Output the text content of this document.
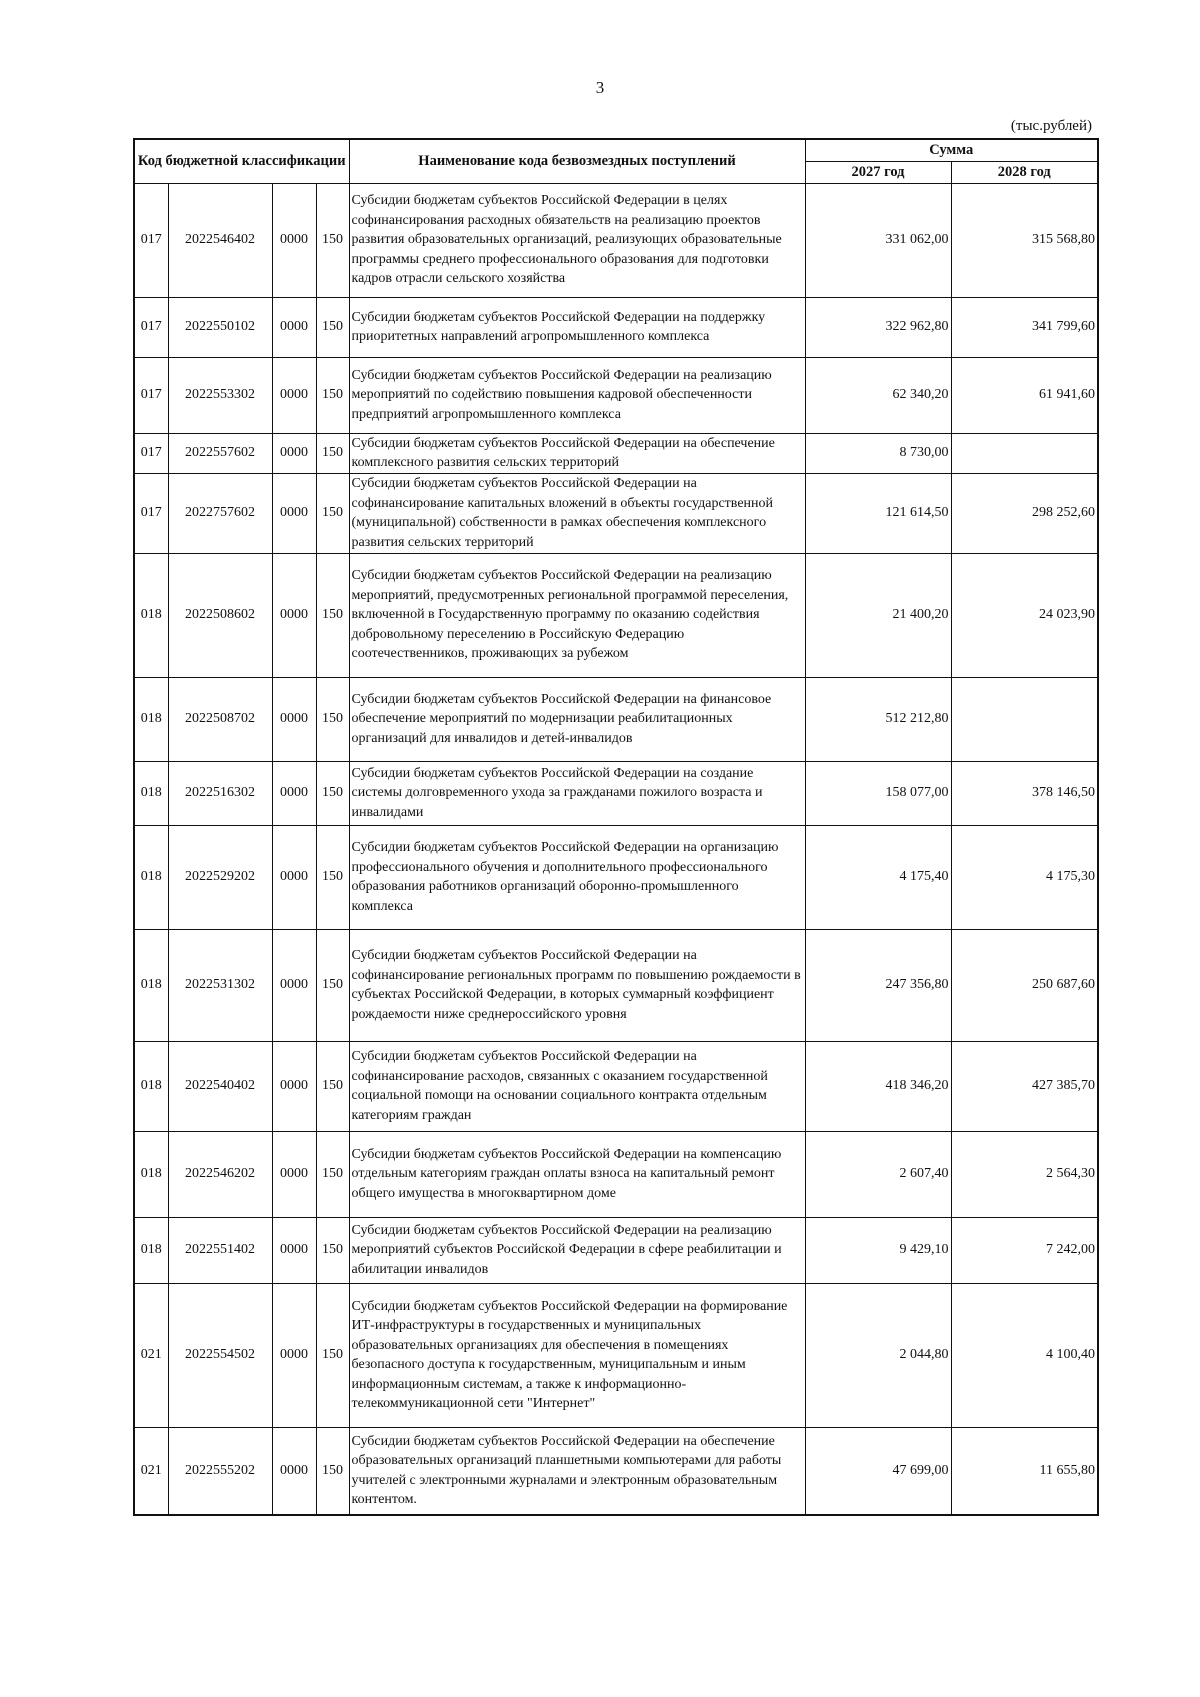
3
(тыс.рублей)
Код бюджетной классификации				Наименование кода безвозмездных поступлений	Сумма	
					2027 год	2028 год
017	2022546402	0000	150	Субсидии бюджетам субъектов Российской Федерации в целях софинансирования расходных обязательств на реализацию проектов развития образовательных организаций, реализующих образовательные программы среднего профессионального образования для подготовки кадров отрасли сельского хозяйства	331 062,00	315 568,80
017	2022550102	0000	150	Субсидии бюджетам субъектов Российской Федерации на поддержку приоритетных направлений агропромышленного комплекса	322 962,80	341 799,60
017	2022553302	0000	150	Субсидии бюджетам субъектов Российской Федерации на реализацию мероприятий по содействию повышения кадровой обеспеченности предприятий агропромышленного комплекса	62 340,20	61 941,60
017	2022557602	0000	150	Субсидии бюджетам субъектов Российской Федерации на обеспечение комплексного развития сельских территорий	8 730,00	
017	2022757602	0000	150	Субсидии бюджетам субъектов Российской Федерации на софинансирование капитальных вложений в объекты государственной (муниципальной) собственности в рамках обеспечения комплексного развития сельских территорий	121 614,50	298 252,60
018	2022508602	0000	150	Субсидии бюджетам субъектов Российской Федерации на реализацию мероприятий, предусмотренных региональной программой переселения, включенной в Государственную программу по оказанию содействия добровольному переселению в Российскую Федерацию соотечественников, проживающих за рубежом	21 400,20	24 023,90
018	2022508702	0000	150	Субсидии бюджетам субъектов Российской Федерации на финансовое обеспечение мероприятий по модернизации реабилитационных организаций для инвалидов и детей-инвалидов	512 212,80	
018	2022516302	0000	150	Субсидии бюджетам субъектов Российской Федерации на создание системы долговременного ухода за гражданами пожилого возраста и инвалидами	158 077,00	378 146,50
018	2022529202	0000	150	Субсидии бюджетам субъектов Российской Федерации на организацию профессионального обучения и дополнительного профессионального образования работников организаций оборонно-промышленного комплекса	4 175,40	4 175,30
018	2022531302	0000	150	Субсидии бюджетам субъектов Российской Федерации на софинансирование региональных программ по повышению рождаемости в субъектах Российской Федерации, в которых суммарный коэффициент рождаемости ниже среднероссийского уровня	247 356,80	250 687,60
018	2022540402	0000	150	Субсидии бюджетам субъектов Российской Федерации на софинансирование расходов, связанных с оказанием государственной социальной помощи на основании социального контракта отдельным категориям граждан	418 346,20	427 385,70
018	2022546202	0000	150	Субсидии бюджетам субъектов Российской Федерации на компенсацию отдельным категориям граждан оплаты взноса на капитальный ремонт общего имущества в многоквартирном доме	2 607,40	2 564,30
018	2022551402	0000	150	Субсидии бюджетам субъектов Российской Федерации на реализацию мероприятий субъектов Российской Федерации в сфере реабилитации и абилитации инвалидов	9 429,10	7 242,00
021	2022554502	0000	150	Субсидии бюджетам субъектов Российской Федерации на формирование ИТ-инфраструктуры в государственных и муниципальных образовательных организациях для обеспечения в помещениях безопасного доступа к государственным, муниципальным и иным информационным системам, а также к информационно-телекоммуникационной сети "Интернет"	2 044,80	4 100,40
021	2022555202	0000	150	Субсидии бюджетам субъектов Российской Федерации на обеспечение образовательных организаций планшетными компьютерами для работы учителей с электронными журналами и электронным образовательным контентом.	47 699,00	11 655,80
